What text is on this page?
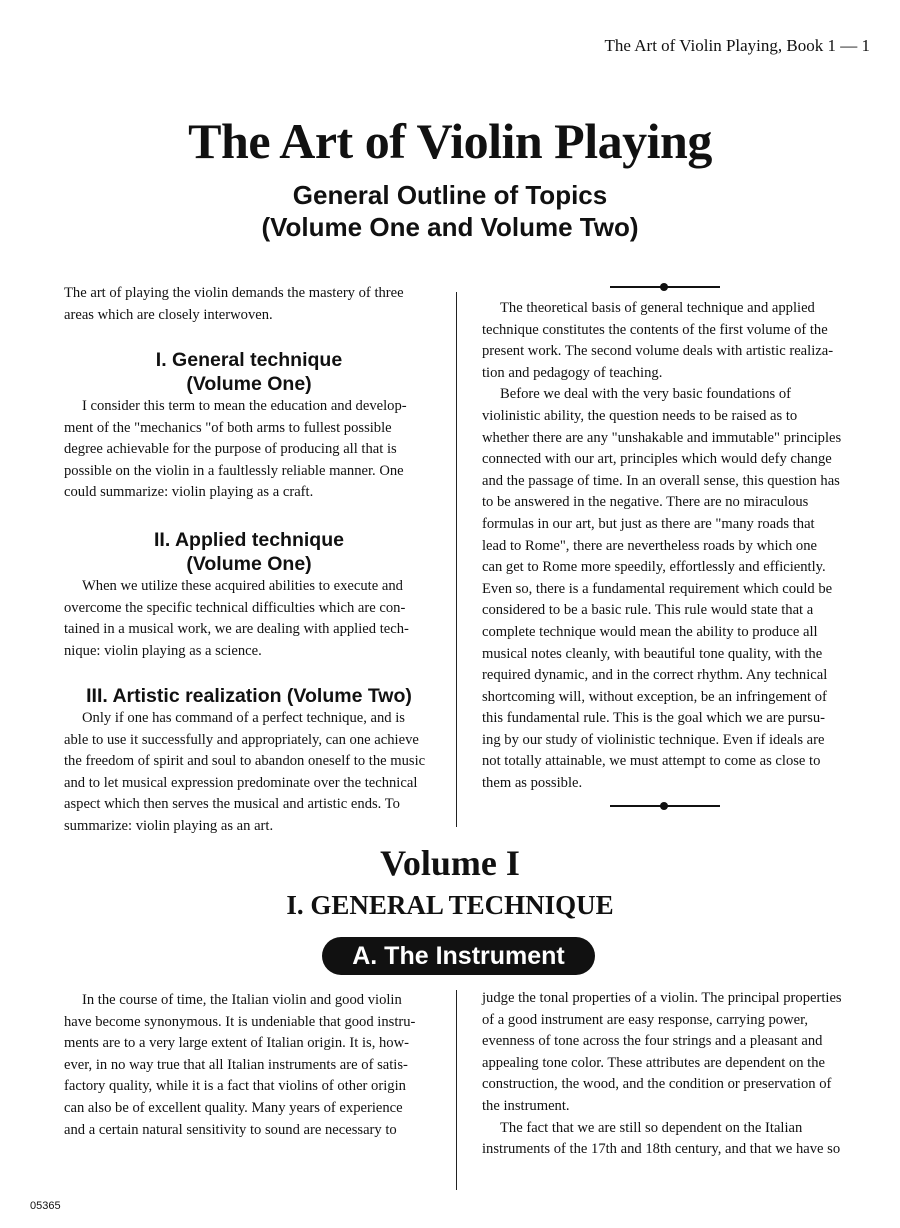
The Art of Violin Playing, Book 1 — 1
The Art of Violin Playing
General Outline of Topics
(Volume One and Volume Two)
The art of playing the violin demands the mastery of three
areas which are closely interwoven.
I. General technique
(Volume One)
I consider this term to mean the education and develop-
ment of the "mechanics "of both arms to fullest possible
degree achievable for the purpose of producing all that is
possible on the violin in a faultlessly reliable manner. One
could summarize: violin playing as a craft.
II. Applied technique
(Volume One)
When we utilize these acquired abilities to execute and
overcome the specific technical difficulties which are con-
tained in a musical work, we are dealing with applied tech-
nique: violin playing as a science.
III. Artistic realization (Volume Two)
Only if one has command of a perfect technique, and is
able to use it successfully and appropriately, can one achieve
the freedom of spirit and soul to abandon oneself to the music
and to let musical expression predominate over the technical
aspect which then serves the musical and artistic ends. To
summarize: violin playing as an art.
The theoretical basis of general technique and applied
technique constitutes the contents of the first volume of the
present work. The second volume deals with artistic realiza-
tion and pedagogy of teaching.
Before we deal with the very basic foundations of
violinistic ability, the question needs to be raised as to
whether there are any "unshakable and immutable" principles
connected with our art, principles which would defy change
and the passage of time. In an overall sense, this question has
to be answered in the negative. There are no miraculous
formulas in our art, but just as there are "many roads that
lead to Rome", there are nevertheless roads by which one
can get to Rome more speedily, effortlessly and efficiently.
Even so, there is a fundamental requirement which could be
considered to be a basic rule. This rule would state that a
complete technique would mean the ability to produce all
musical notes cleanly, with beautiful tone quality, with the
required dynamic, and in the correct rhythm. Any technical
shortcoming will, without exception, be an infringement of
this fundamental rule. This is the goal which we are pursu-
ing by our study of violinistic technique. Even if ideals are
not totally attainable, we must attempt to come as close to
them as possible.
Volume I
I. GENERAL TECHNIQUE
A. The Instrument
In the course of time, the Italian violin and good violin
have become synonymous. It is undeniable that good instru-
ments are to a very large extent of Italian origin. It is, how-
ever, in no way true that all Italian instruments are of satis-
factory quality, while it is a fact that violins of other origin
can also be of excellent quality. Many years of experience
and a certain natural sensitivity to sound are necessary to
judge the tonal properties of a violin. The principal properties
of a good instrument are easy response, carrying power,
evenness of tone across the four strings and a pleasant and
appealing tone color. These attributes are dependent on the
construction, the wood, and the condition or preservation of
the instrument.
The fact that we are still so dependent on the Italian
instruments of the 17th and 18th century, and that we have so
05365
